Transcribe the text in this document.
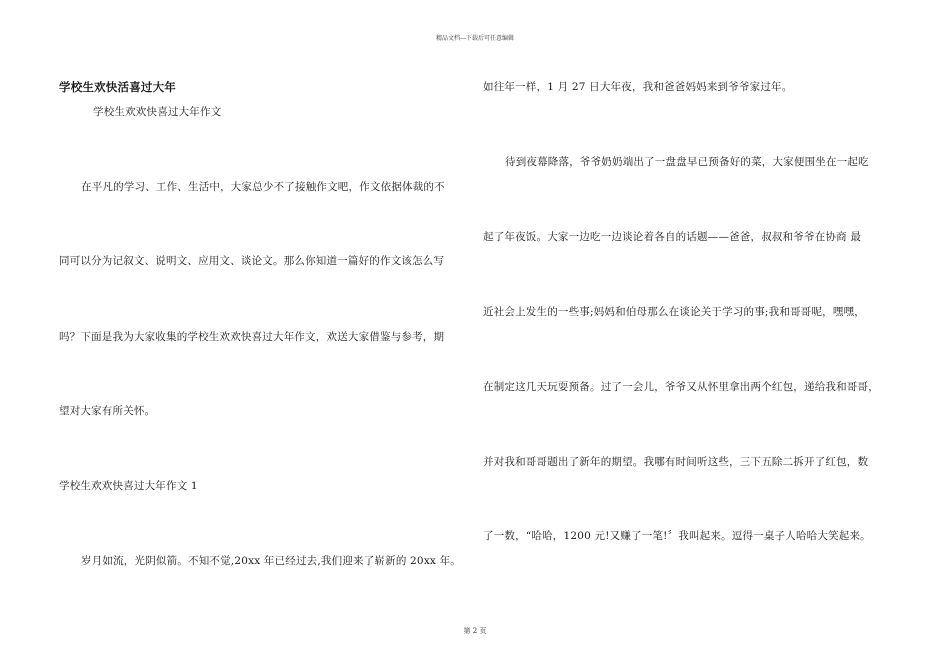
精品文档---下载后可任意编辑
学校生欢快活喜过大年
学校生欢欢快喜过大年作文
在平凡的学习、工作、生活中，大家总少不了接触作文吧，作文依据体裁的不
同可以分为记叙文、说明文、应用文、谈论文。那么你知道一篇好的作文该怎么写
吗？下面是我为大家收集的学校生欢欢快喜过大年作文，欢送大家借鉴与参考，期
望对大家有所关怀。
学校生欢欢快喜过大年作文 1
岁月如流，光阴似箭。不知不觉,20xx 年已经过去,我们迎来了崭新的 20xx 年。
如往年一样，1 月 27 日大年夜，我和爸爸妈妈来到爷爷家过年。
待到夜幕降落，爷爷奶奶端出了一盘盘早已预备好的菜，大家便围坐在一起吃
起了年夜饭。大家一边吃一边谈论着各自的话题——爸爸，叔叔和爷爷在协商 最
近社会上发生的一些事;妈妈和伯母那么在谈论关于学习的事;我和哥哥呢，嘿嘿，
在制定这几天玩耍预备。过了一会儿，爷爷又从怀里拿出两个红包，递给我和哥哥，
并对我和哥哥题出了新年的期望。我哪有时间听这些，三下五除二拆开了红包，数
了一数，“哈哈，1200 元!又赚了一笔!〞我叫起来。逗得一桌子人哈哈大笑起来。
第 2 页
